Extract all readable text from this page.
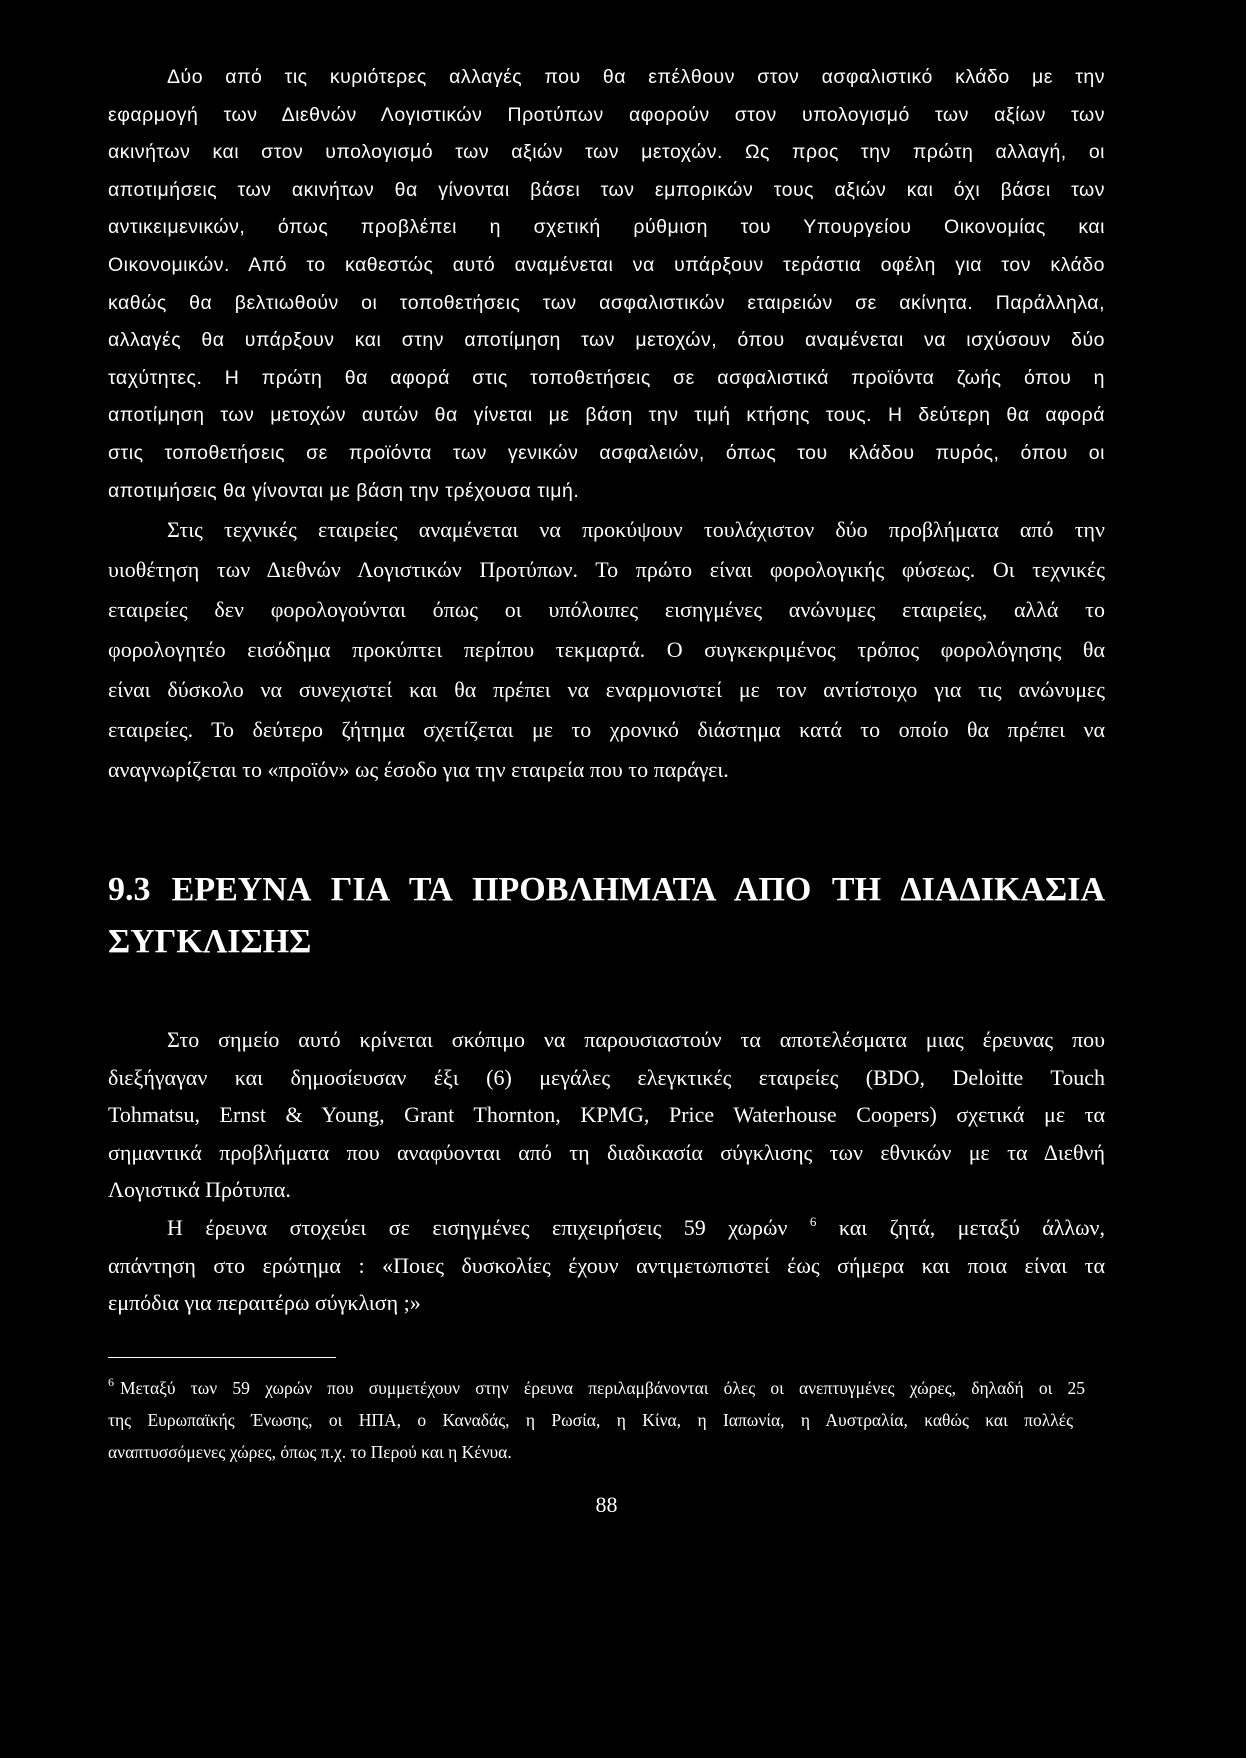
Δύο από τις κυριότερες αλλαγές που θα επέλθουν στον ασφαλιστικό κλάδο με την
εφαρμογή των Διεθνών Λογιστικών Προτύπων αφορούν στον υπολογισμό των αξίων των
ακινήτων και στον υπολογισμό των αξιών των μετοχών. Ως προς την πρώτη αλλαγή, οι
αποτιμήσεις των ακινήτων θα γίνονται βάσει των εμπορικών τους αξιών και όχι βάσει των
αντικειμενικών, όπως προβλέπει η σχετική ρύθμιση του Υπουργείου Οικονομίας και
Οικονομικών. Από το καθεστώς αυτό αναμένεται να υπάρξουν τεράστια οφέλη για τον κλάδο
καθώς θα βελτιωθούν οι τοποθετήσεις των ασφαλιστικών εταιρειών σε ακίνητα. Παράλληλα,
αλλαγές θα υπάρξουν και στην αποτίμηση των μετοχών, όπου αναμένεται να ισχύσουν δύο
ταχύτητες. Η πρώτη θα αφορά στις τοποθετήσεις σε ασφαλιστικά προϊόντα ζωής όπου η
αποτίμηση των μετοχών αυτών θα γίνεται με βάση την τιμή κτήσης τους. Η δεύτερη θα αφορά
στις τοποθετήσεις σε προϊόντα των γενικών ασφαλειών, όπως του κλάδου πυρός, όπου οι
αποτιμήσεις θα γίνονται με βάση την τρέχουσα τιμή.
Στις τεχνικές εταιρείες αναμένεται να προκύψουν τουλάχιστον δύο προβλήματα από την
υιοθέτηση των Διεθνών Λογιστικών Προτύπων. Το πρώτο είναι φορολογικής φύσεως. Οι τεχνικές
εταιρείες δεν φορολογούνται όπως οι υπόλοιπες εισηγμένες ανώνυμες εταιρείες, αλλά το
φορολογητέο εισόδημα προκύπτει περίπου τεκμαρτά. Ο συγκεκριμένος τρόπος φορολόγησης θα
είναι δύσκολο να συνεχιστεί και θα πρέπει να εναρμονιστεί με τον αντίστοιχο για τις ανώνυμες
εταιρείες. Το δεύτερο ζήτημα σχετίζεται με το χρονικό διάστημα κατά το οποίο θα πρέπει να
αναγνωρίζεται το «προϊόν» ως έσοδο για την εταιρεία που το παράγει.
9.3 ΕΡΕΥΝΑ ΓΙΑ ΤΑ ΠΡΟΒΛΗΜΑΤΑ ΑΠΟ ΤΗ ΔΙΑΔΙΚΑΣΙΑ
ΣΥΓΚΛΙΣΗΣ
Στο σημείο αυτό κρίνεται σκόπιμο να παρουσιαστούν τα αποτελέσματα μιας έρευνας που
διεξήγαγαν και δημοσίευσαν έξι (6) μεγάλες ελεγκτικές εταιρείες (BDO, Deloitte Touch
Tohmatsu, Ernst & Young, Grant Thornton, KPMG, Price Waterhouse Coopers) σχετικά με τα
σημαντικά προβλήματα που αναφύονται από τη διαδικασία σύγκλισης των εθνικών με τα Διεθνή
Λογιστικά Πρότυπα.
Η έρευνα στοχεύει σε εισηγμένες επιχειρήσεις 59 χωρών $^6$ και ζητά, μεταξύ άλλων,
απάντηση στο ερώτημα : «Ποιες δυσκολίες έχουν αντιμετωπιστεί έως σήμερα και ποια είναι τα
εμπόδια για περαιτέρω σύγκλιση ;»
$^6$ Μεταξύ των 59 χωρών που συμμετέχουν στην έρευνα περιλαμβάνονται όλες οι ανεπτυγμένες χώρες, δηλαδή οι 25
της Ευρωπαϊκής Ένωσης, οι ΗΠΑ, ο Καναδάς, η Ρωσία, η Κίνα, η Ιαπωνία, η Αυστραλία, καθώς και πολλές
αναπτυσσόμενες χώρες, όπως π.χ. το Περού και η Κένυα.
88
